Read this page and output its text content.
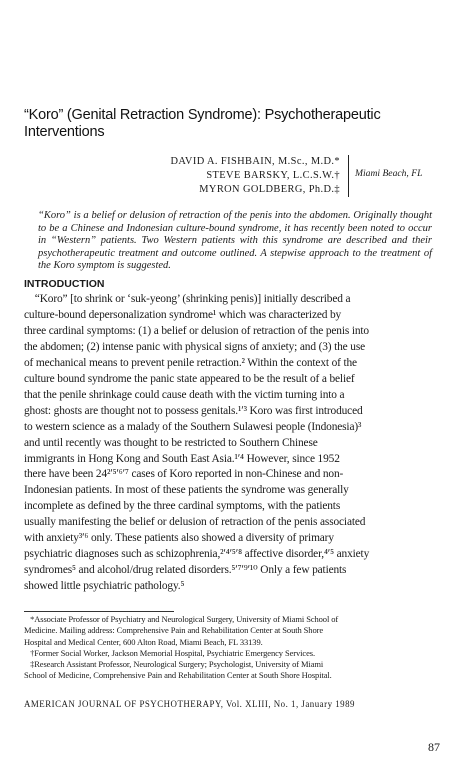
“Koro” (Genital Retraction Syndrome): Psychotherapeutic Interventions
DAVID A. FISHBAIN, M.Sc., M.D.*
STEVE BARSKY, L.C.S.W.†
MYRON GOLDBERG, Ph.D.‡
Miami Beach, FL

“Koro” is a belief or delusion of retraction of the penis into the abdomen. Originally thought to be a Chinese and Indonesian culture-bound syndrome, it has recently been noted to occur in “Western” patients. Two Western patients with this syndrome are described and their psychotherapeutic treatment and outcome outlined. A stepwise approach to the treatment of the Koro symptom is suggested.

INTRODUCTION
“Koro” [to shrink or ‘suk-yeong’ (shrinking penis)] initially described a
culture-bound depersonalization syndrome¹ which was characterized by
three cardinal symptoms: (1) a belief or delusion of retraction of the penis into
the abdomen; (2) intense panic with physical signs of anxiety; and (3) the use
of mechanical means to prevent penile retraction.² Within the context of the
culture bound syndrome the panic state appeared to be the result of a belief
that the penile shrinkage could cause death with the victim turning into a
ghost: ghosts are thought not to possess genitals.¹ʹ³ Koro was first introduced
to western science as a malady of the Southern Sulawesi people (Indonesia)³
and until recently was thought to be restricted to Southern Chinese
immigrants in Hong Kong and South East Asia.¹ʹ⁴ However, since 1952
there have been 24²ʹ⁵ʹ⁶ʹ⁷ cases of Koro reported in non-Chinese and non-
Indonesian patients. In most of these patients the syndrome was generally
incomplete as defined by the three cardinal symptoms, with the patients
usually manifesting the belief or delusion of retraction of the penis associated
with anxiety³ʹ⁶ only. These patients also showed a diversity of primary
psychiatric diagnoses such as schizophrenia,²ʹ⁴ʹ⁵ʹ⁸ affective disorder,⁴ʹ⁵ anxiety
syndromes⁵ and alcohol/drug related disorders.⁵ʹ⁷ʹ⁹ʹ¹⁰ Only a few patients
showed little psychiatric pathology.⁵
*Associate Professor of Psychiatry and Neurological Surgery, University of Miami School of
Medicine. Mailing address: Comprehensive Pain and Rehabilitation Center at South Shore
Hospital and Medical Center, 600 Alton Road, Miami Beach, FL 33139.
†Former Social Worker, Jackson Memorial Hospital, Psychiatric Emergency Services.
‡Research Assistant Professor, Neurological Surgery; Psychologist, University of Miami
School of Medicine, Comprehensive Pain and Rehabilitation Center at South Shore Hospital.
AMERICAN JOURNAL OF PSYCHOTHERAPY, Vol. XLIII, No. 1, January 1989
87
